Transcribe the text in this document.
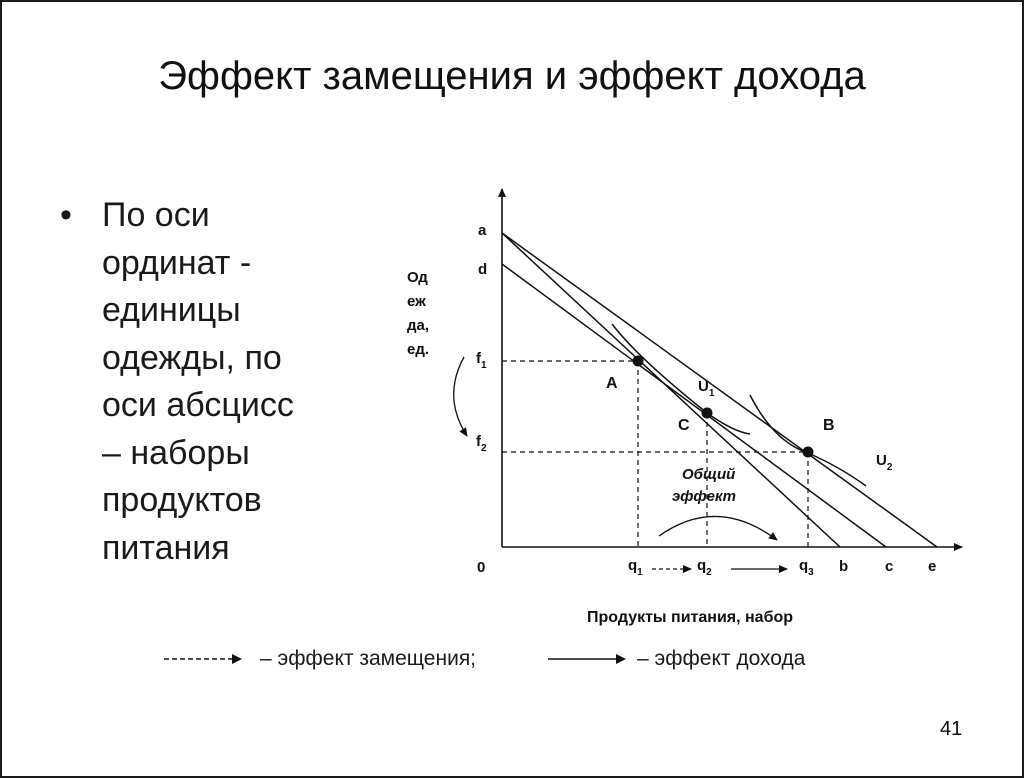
Эффект замещения и эффект дохода
• По оси
ординат -
единицы
одежды, по
оси абсцисс
– наборы
продуктов
питания
Од
еж
да,
ед.
a
d
$f_1$
$f_2$
0	$q_1$	$q_2$	$q_3$ b c e
A
C	B
$U_1$
$U_2$
Общий
эффект
Продукты питания, набор
– эффект замещения;	– эффект дохода
41
